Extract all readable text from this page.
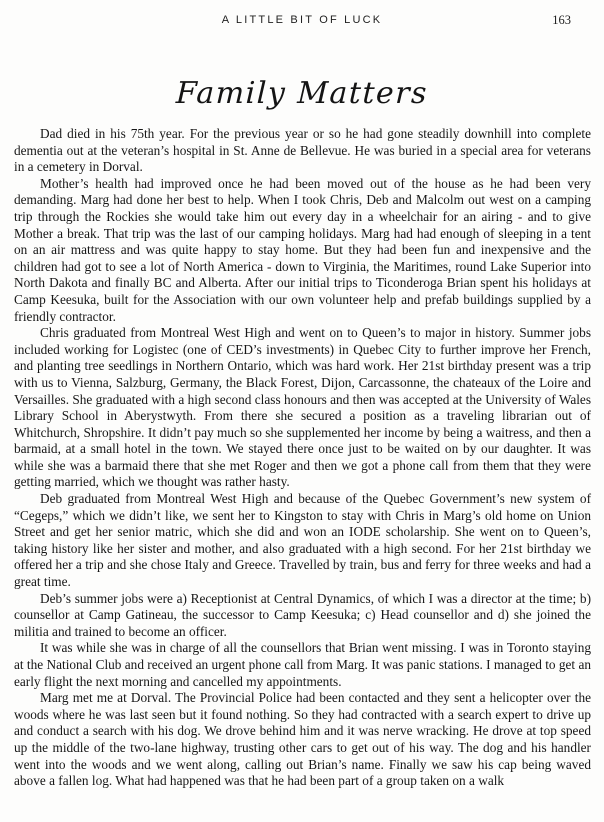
A LITTLE BIT OF LUCK	163
Family Matters

Dad died in his 75th year. For the previous year or so he had gone steadily downhill into complete dementia out at the veteran’s hospital in St. Anne de Bellevue. He was buried in a special area for veterans in a cemetery in Dorval.

Mother’s health had improved once he had been moved out of the house as he had been very demanding. Marg had done her best to help. When I took Chris, Deb and Malcolm out west on a camping trip through the Rockies she would take him out every day in a wheelchair for an airing - and to give Mother a break. That trip was the last of our camping holidays. Marg had had enough of sleeping in a tent on an air mattress and was quite happy to stay home. But they had been fun and inexpensive and the children had got to see a lot of North America - down to Virginia, the Maritimes, round Lake Superior into North Dakota and finally BC and Alberta. After our initial trips to Ticonderoga Brian spent his holidays at Camp Keesuka, built for the Association with our own volunteer help and prefab buildings supplied by a friendly contractor.

Chris graduated from Montreal West High and went on to Queen’s to major in history. Summer jobs included working for Logistec (one of CED’s investments) in Quebec City to further improve her French, and planting tree seedlings in Northern Ontario, which was hard work. Her 21st birthday present was a trip with us to Vienna, Salzburg, Germany, the Black Forest, Dijon, Carcassonne, the chateaux of the Loire and Versailles. She graduated with a high second class honours and then was accepted at the University of Wales Library School in Aberystwyth. From there she secured a position as a traveling librarian out of Whitchurch, Shropshire. It didn’t pay much so she supplemented her income by being a waitress, and then a barmaid, at a small hotel in the town. We stayed there once just to be waited on by our daughter. It was while she was a barmaid there that she met Roger and then we got a phone call from them that they were getting married, which we thought was rather hasty.

Deb graduated from Montreal West High and because of the Quebec Government’s new system of “Cegeps,” which we didn’t like, we sent her to Kingston to stay with Chris in Marg’s old home on Union Street and get her senior matric, which she did and won an IODE scholarship. She went on to Queen’s, taking history like her sister and mother, and also graduated with a high second. For her 21st birthday we offered her a trip and she chose Italy and Greece. Travelled by train, bus and ferry for three weeks and had a great time.

Deb’s summer jobs were a) Receptionist at Central Dynamics, of which I was a director at the time; b) counsellor at Camp Gatineau, the successor to Camp Keesuka; c) Head counsellor and d) she joined the militia and trained to become an officer.

It was while she was in charge of all the counsellors that Brian went missing. I was in Toronto staying at the National Club and received an urgent phone call from Marg. It was panic stations. I managed to get an early flight the next morning and cancelled my appointments.

Marg met me at Dorval. The Provincial Police had been contacted and they sent a helicopter over the woods where he was last seen but it found nothing. So they had contracted with a search expert to drive up and conduct a search with his dog. We drove behind him and it was nerve wracking. He drove at top speed up the middle of the two-lane highway, trusting other cars to get out of his way. The dog and his handler went into the woods and we went along, calling out Brian’s name. Finally we saw his cap being waved above a fallen log. What had happened was that he had been part of a group taken on a walk
